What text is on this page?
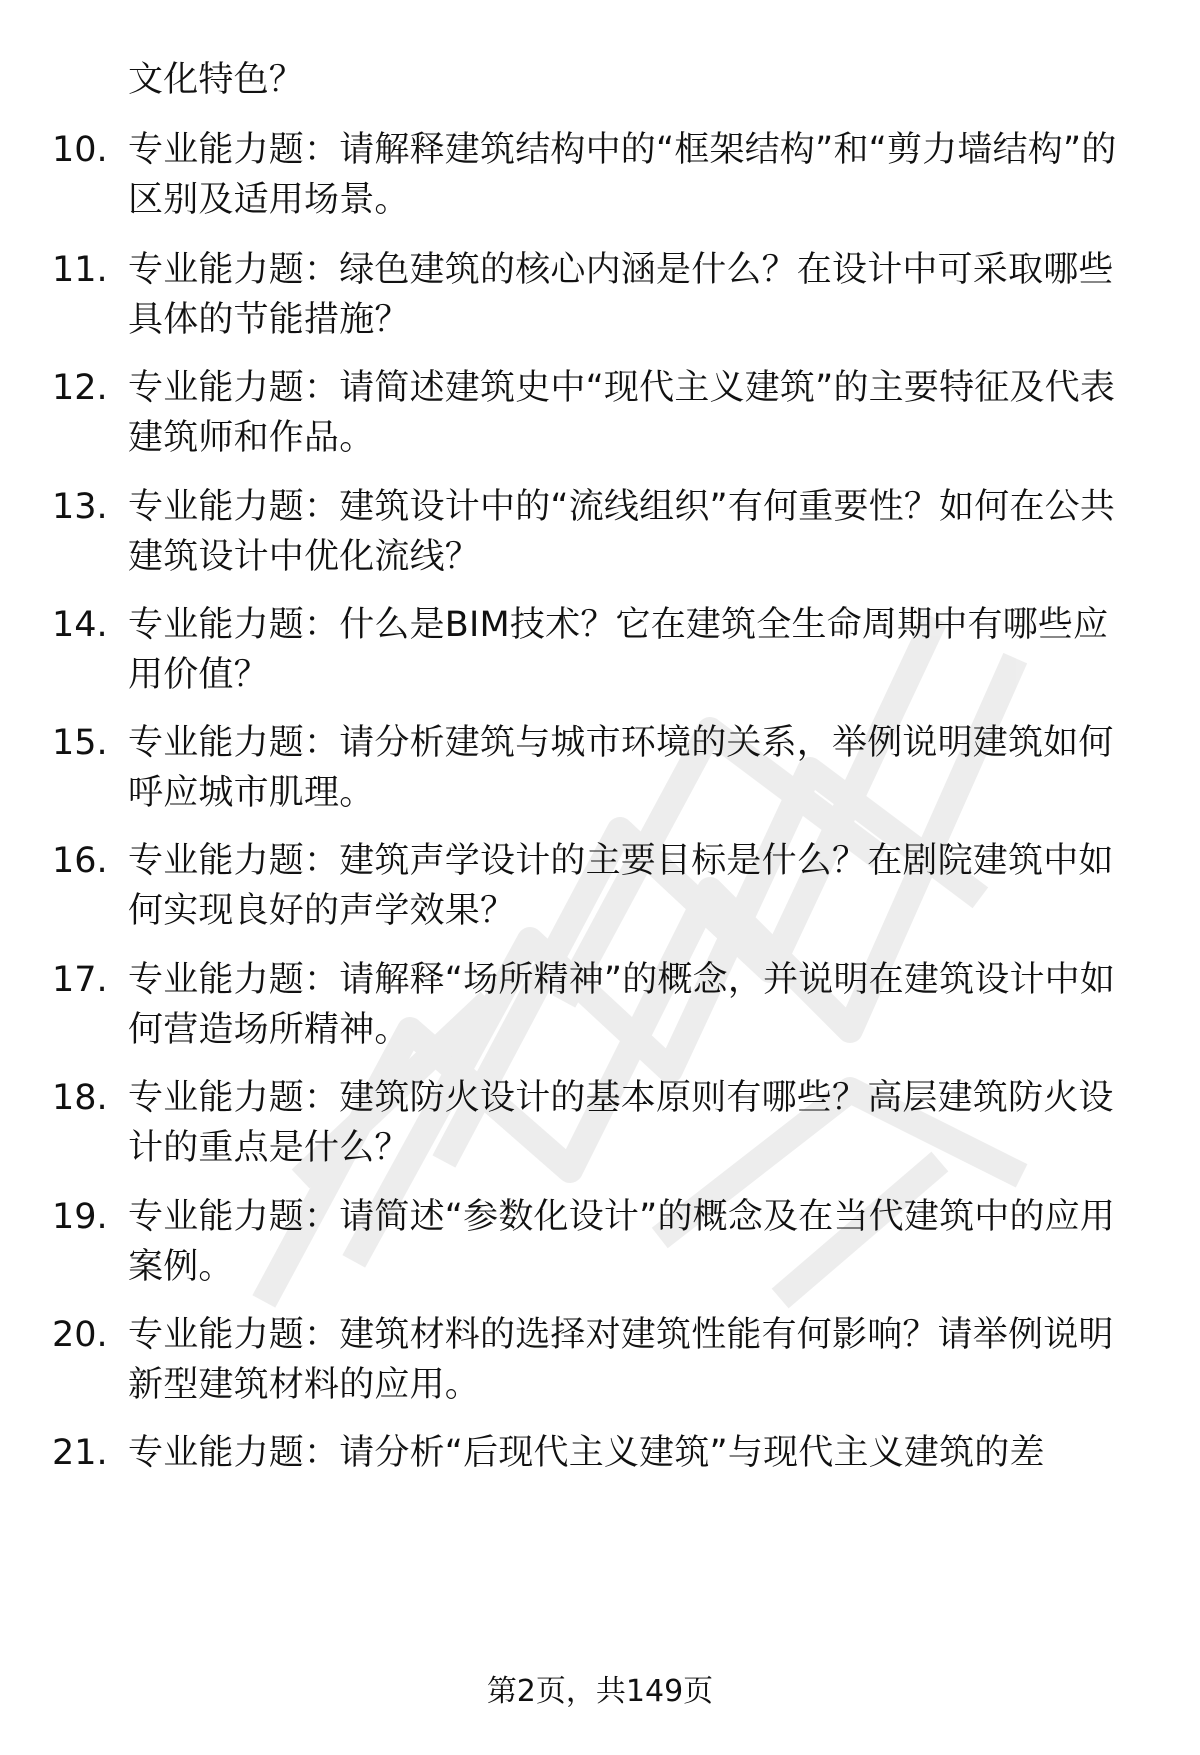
文化特色？
10. 专业能力题：请解释建筑结构中的“框架结构”和“剪力墙结构”的区别及适用场景。
11. 专业能力题：绿色建筑的核心内涵是什么？在设计中可采取哪些具体的节能措施？
12. 专业能力题：请简述建筑史中“现代主义建筑”的主要特征及代表建筑师和作品。
13. 专业能力题：建筑设计中的“流线组织”有何重要性？如何在公共建筑设计中优化流线？
14. 专业能力题：什么是BIM技术？它在建筑全生命周期中有哪些应用价值？
15. 专业能力题：请分析建筑与城市环境的关系，举例说明建筑如何呼应城市肌理。
16. 专业能力题：建筑声学设计的主要目标是什么？在剧院建筑中如何实现良好的声学效果？
17. 专业能力题：请解释“场所精神”的概念，并说明在建筑设计中如何营造场所精神。
18. 专业能力题：建筑防火设计的基本原则有哪些？高层建筑防火设计的重点是什么？
19. 专业能力题：请简述“参数化设计”的概念及在当代建筑中的应用案例。
20. 专业能力题：建筑材料的选择对建筑性能有何影响？请举例说明新型建筑材料的应用。
21. 专业能力题：请分析“后现代主义建筑”与现代主义建筑的差
第2页，共149页
